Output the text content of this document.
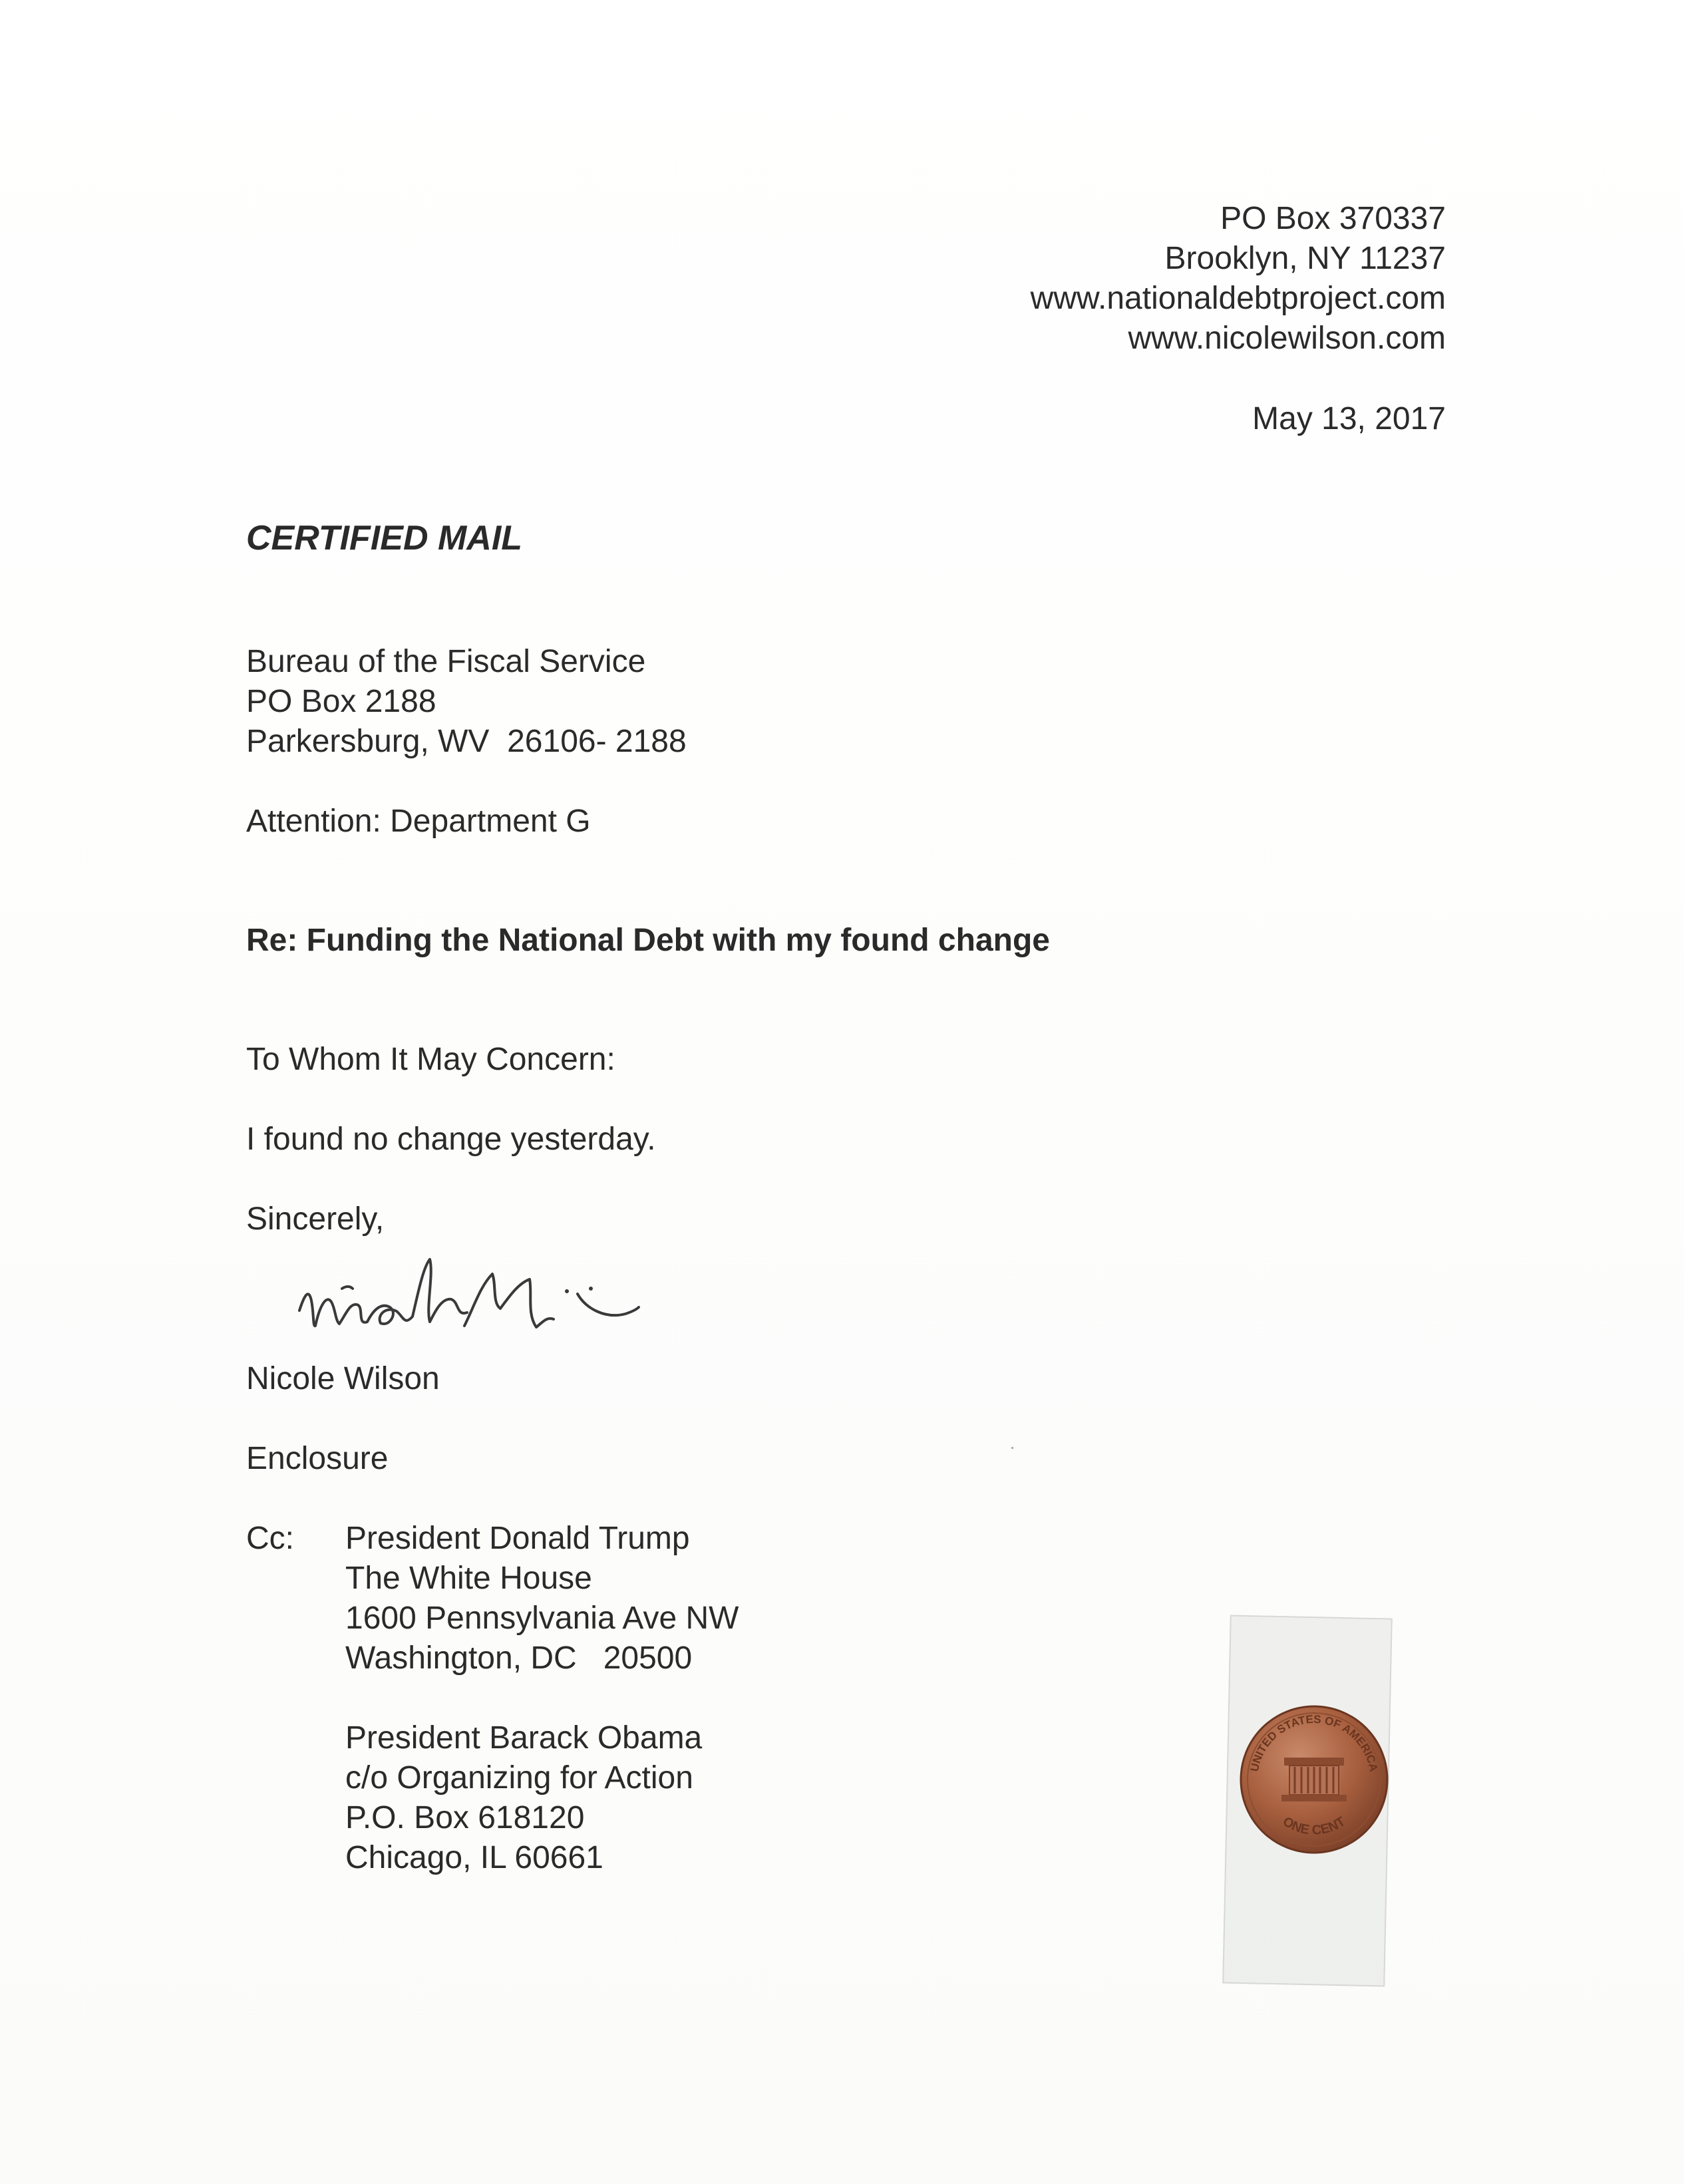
PO Box 370337
Brooklyn, NY 11237
www.nationaldebtproject.com
www.nicolewilson.com
May 13, 2017
CERTIFIED MAIL
Bureau of the Fiscal Service
PO Box 2188
Parkersburg, WV  26106- 2188
Attention: Department G
Re: Funding the National Debt with my found change
To Whom It May Concern:
I found no change yesterday.
Sincerely,
Nicole Wilson
Enclosure
Cc: President Donald Trump
The White House
1600 Pennsylvania Ave NW
Washington, DC   20500
President Barack Obama
c/o Organizing for Action
P.O. Box 618120
Chicago, IL 60661
UNITED STATES OF AMERICA
ONE CENT
